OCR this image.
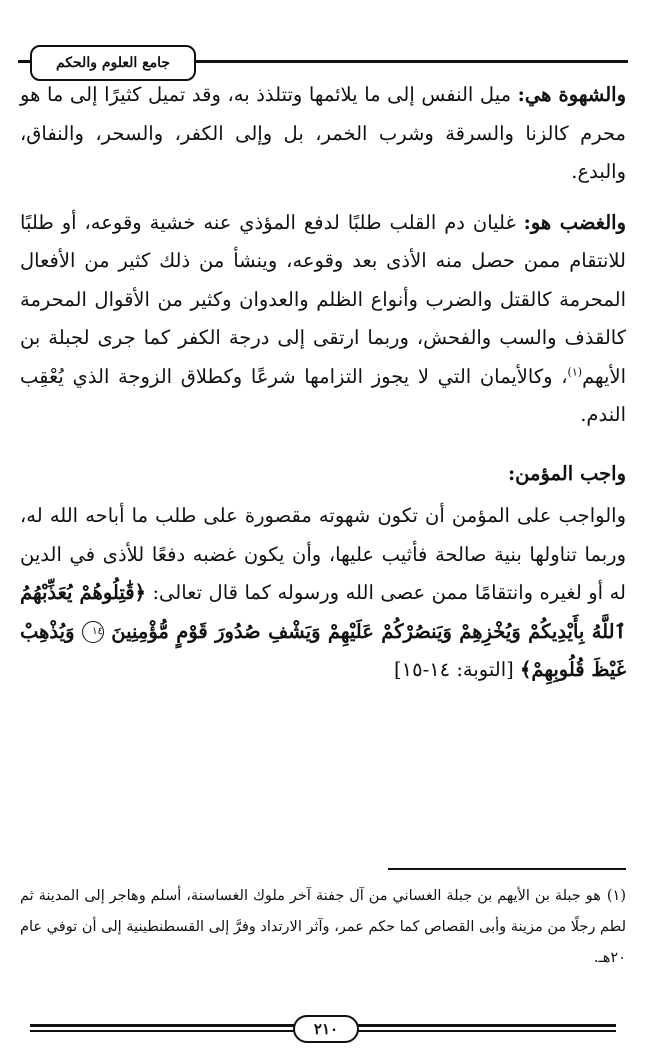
جامع العلوم والحكم

والشهوة هي: ميل النفس إلى ما يلائمها وتتلذذ به، وقد تميل كثيرًا إلى ما هو محرم كالزنا والسرقة وشرب الخمر، بل وإلى الكفر، والسحر، والنفاق، والبدع.

والغضب هو: غليان دم القلب طلبًا لدفع المؤذي عنه خشية وقوعه، أو طلبًا للانتقام ممن حصل منه الأذى بعد وقوعه، وينشأ من ذلك كثير من الأفعال المحرمة كالقتل والضرب وأنواع الظلم والعدوان وكثير من الأقوال المحرمة كالقذف والسب والفحش، وربما ارتقى إلى درجة الكفر كما جرى لجبلة بن الأيهم$^{(١)}$، وكالأيمان التي لا يجوز التزامها شرعًا وكطلاق الزوجة الذي يُعْقِب الندم.

واجب المؤمن:

والواجب على المؤمن أن تكون شهوته مقصورة على طلب ما أباحه الله له، وربما تناولها بنية صالحة فأثيب عليها، وأن يكون غضبه دفعًا للأذى في الدين له أو لغيره وانتقامًا ممن عصى الله ورسوله كما قال تعالى: ﴿قَٰتِلُوهُمْ يُعَذِّبْهُمُ ٱللَّهُ بِأَيْدِيكُمْ وَيُخْزِهِمْ وَيَنصُرْكُمْ عَلَيْهِمْ وَيَشْفِ صُدُورَ قَوْمٍ مُّؤْمِنِينَ ١٤ وَيُذْهِبْ غَيْظَ قُلُوبِهِمْ﴾ [التوبة: ١٤-١٥]

(١)هو جبلة بن الأيهم بن جبلة الغساني من آل جفنة آخر ملوك الغساسنة، أسلم وهاجر إلى المدينة ثم لطم رجلًا من مزينة وأبى القصاص كما حكم عمر، وآثر الارتداد وفرَّ إلى القسطنطينية إلى أن توفي عام ٢٠هـ.
٢١٠
